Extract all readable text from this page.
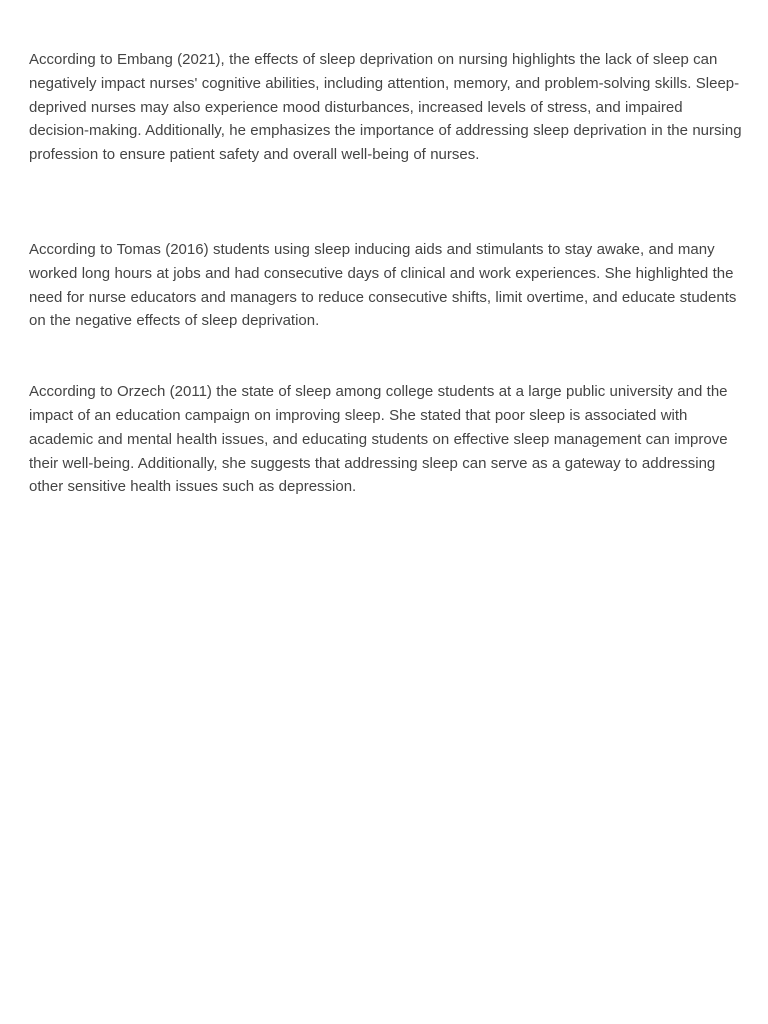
According to Embang (2021), the effects of sleep deprivation on nursing highlights the lack of sleep can negatively impact nurses' cognitive abilities, including attention, memory, and problem-solving skills. Sleep-deprived nurses may also experience mood disturbances, increased levels of stress, and impaired decision-making. Additionally, he emphasizes the importance of addressing sleep deprivation in the nursing profession to ensure patient safety and overall well-being of nurses.

According to Tomas (2016) students using sleep inducing aids and stimulants to stay awake, and many worked long hours at jobs and had consecutive days of clinical and work experiences. She highlighted the need for nurse educators and managers to reduce consecutive shifts, limit overtime, and educate students on the negative effects of sleep deprivation.

According to Orzech (2011) the state of sleep among college students at a large public university and the impact of an education campaign on improving sleep. She stated that poor sleep is associated with academic and mental health issues, and educating students on effective sleep management can improve their well-being. Additionally, she suggests that addressing sleep can serve as a gateway to addressing other sensitive health issues such as depression.
